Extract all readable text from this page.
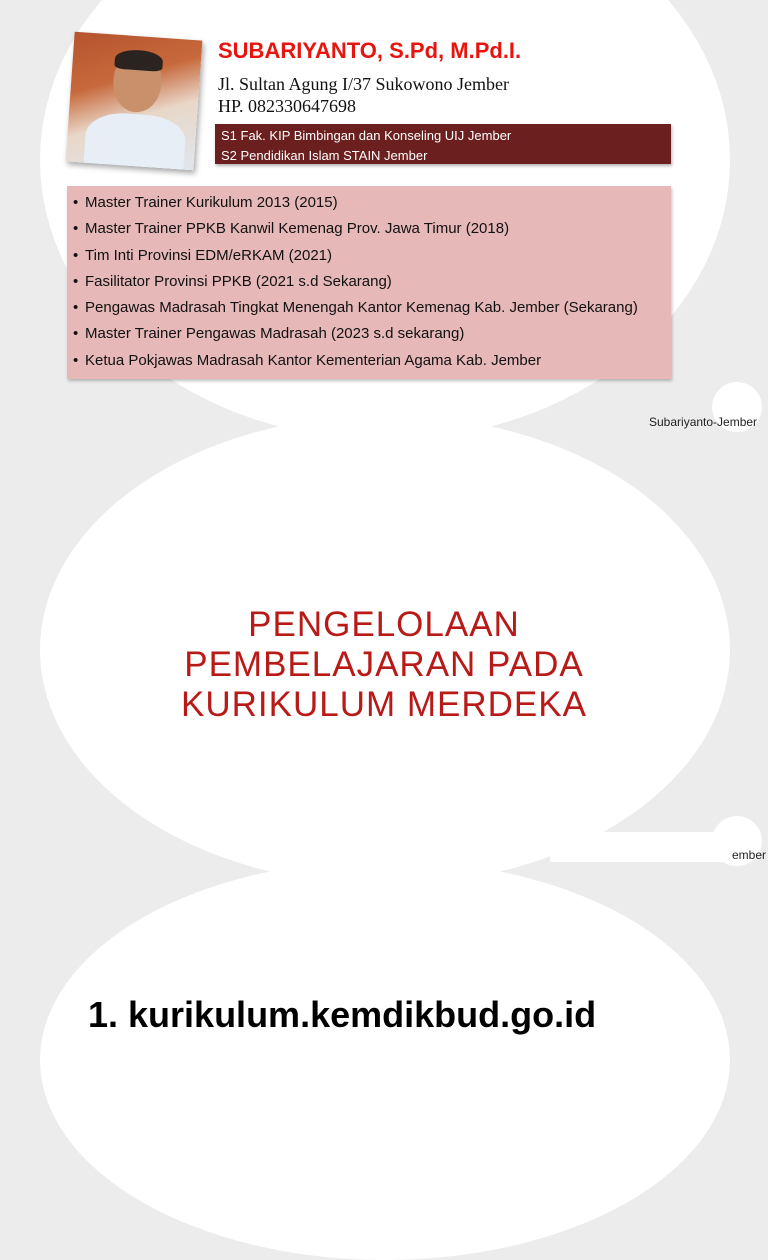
SUBARIYANTO, S.Pd, M.Pd.I.
Jl. Sultan Agung I/37 Sukowono Jember
HP. 082330647698
S1 Fak. KIP Bimbingan dan Konseling UIJ Jember
S2 Pendidikan Islam STAIN Jember
• Master Trainer Kurikulum 2013 (2015)
• Master Trainer PPKB Kanwil Kemenag Prov. Jawa Timur (2018)
• Tim Inti Provinsi EDM/eRKAM (2021)
• Fasilitator Provinsi PPKB (2021 s.d Sekarang)
• Pengawas Madrasah Tingkat Menengah Kantor Kemenag Kab. Jember (Sekarang)
• Master Trainer Pengawas Madrasah (2023 s.d sekarang)
• Ketua Pokjawas Madrasah Kantor Kementerian Agama Kab. Jember
Subariyanto-Jember
PENGELOLAAN
PEMBELAJARAN PADA
KURIKULUM MERDEKA
ember
1. kurikulum.kemdikbud.go.id
